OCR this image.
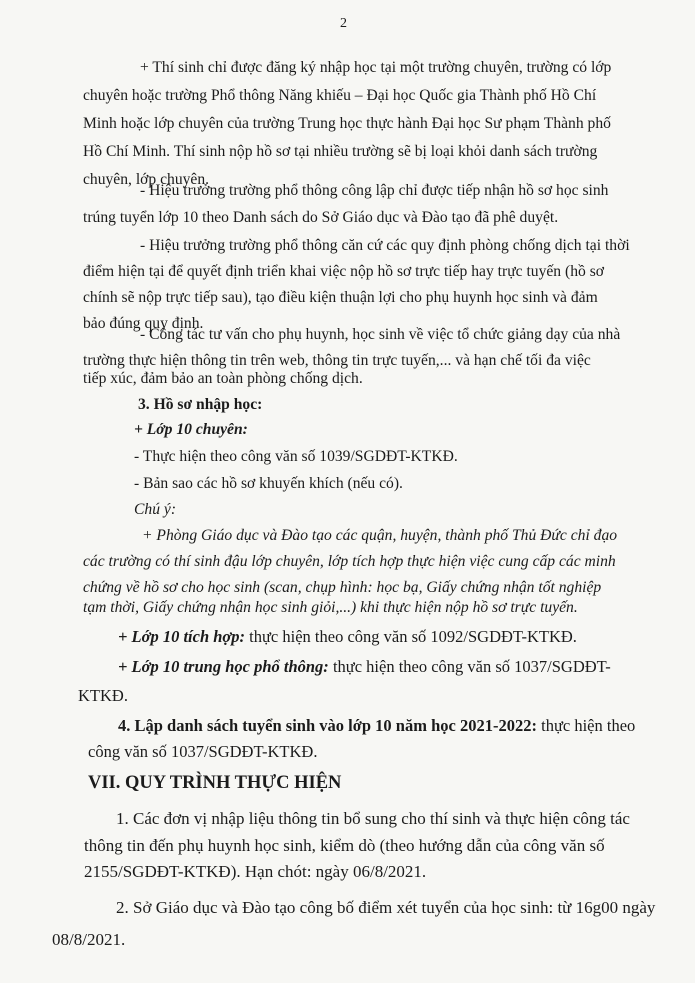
2
+ Thí sinh chỉ được đăng ký nhập học tại một trường chuyên, trường có lớp
chuyên hoặc trường Phổ thông Năng khiếu – Đại học Quốc gia Thành phố Hồ Chí
Minh hoặc lớp chuyên của trường Trung học thực hành Đại học Sư phạm Thành phố
Hồ Chí Minh. Thí sinh nộp hồ sơ tại nhiều trường sẽ bị loại khỏi danh sách trường
chuyên, lớp chuyên.
- Hiệu trưởng trường phổ thông công lập chỉ được tiếp nhận hồ sơ học sinh
trúng tuyển lớp 10 theo Danh sách do Sở Giáo dục và Đào tạo đã phê duyệt.
- Hiệu trưởng trường phổ thông căn cứ các quy định phòng chống dịch tại thời
điểm hiện tại để quyết định triển khai việc nộp hồ sơ trực tiếp hay trực tuyến (hồ sơ
chính sẽ nộp trực tiếp sau), tạo điều kiện thuận lợi cho phụ huynh học sinh và đảm
bảo đúng quy định.
- Công tác tư vấn cho phụ huynh, học sinh về việc tổ chức giảng dạy của nhà
trường thực hiện thông tin trên web, thông tin trực tuyến,... và hạn chế tối đa việc
tiếp xúc, đảm bảo an toàn phòng chống dịch.
3. Hồ sơ nhập học:
+ Lớp 10 chuyên:
- Thực hiện theo công văn số 1039/SGDĐT-KTKĐ.
- Bản sao các hồ sơ khuyến khích (nếu có).
Chú ý:
+ Phòng Giáo dục và Đào tạo các quận, huyện, thành phố Thủ Đức chỉ đạo
các trường có thí sinh đậu lớp chuyên, lớp tích hợp thực hiện việc cung cấp các minh
chứng về hồ sơ cho học sinh (scan, chụp hình: học bạ, Giấy chứng nhận tốt nghiệp
tạm thời, Giấy chứng nhận học sinh giỏi,...) khi thực hiện nộp hồ sơ trực tuyến.
+ Lớp 10 tích hợp: thực hiện theo công văn số 1092/SGDĐT-KTKĐ.
+ Lớp 10 trung học phổ thông: thực hiện theo công văn số 1037/SGDĐT-
KTKĐ.
4. Lập danh sách tuyển sinh vào lớp 10 năm học 2021-2022: thực hiện theo
công văn số 1037/SGDĐT-KTKĐ.
VII. QUY TRÌNH THỰC HIỆN
1. Các đơn vị nhập liệu thông tin bổ sung cho thí sinh và thực hiện công tác
thông tin đến phụ huynh học sinh, kiểm dò (theo hướng dẫn của công văn số
2155/SGDĐT-KTKĐ). Hạn chót: ngày 06/8/2021.
2. Sở Giáo dục và Đào tạo công bố điểm xét tuyển của học sinh: từ 16g00 ngày
08/8/2021.
